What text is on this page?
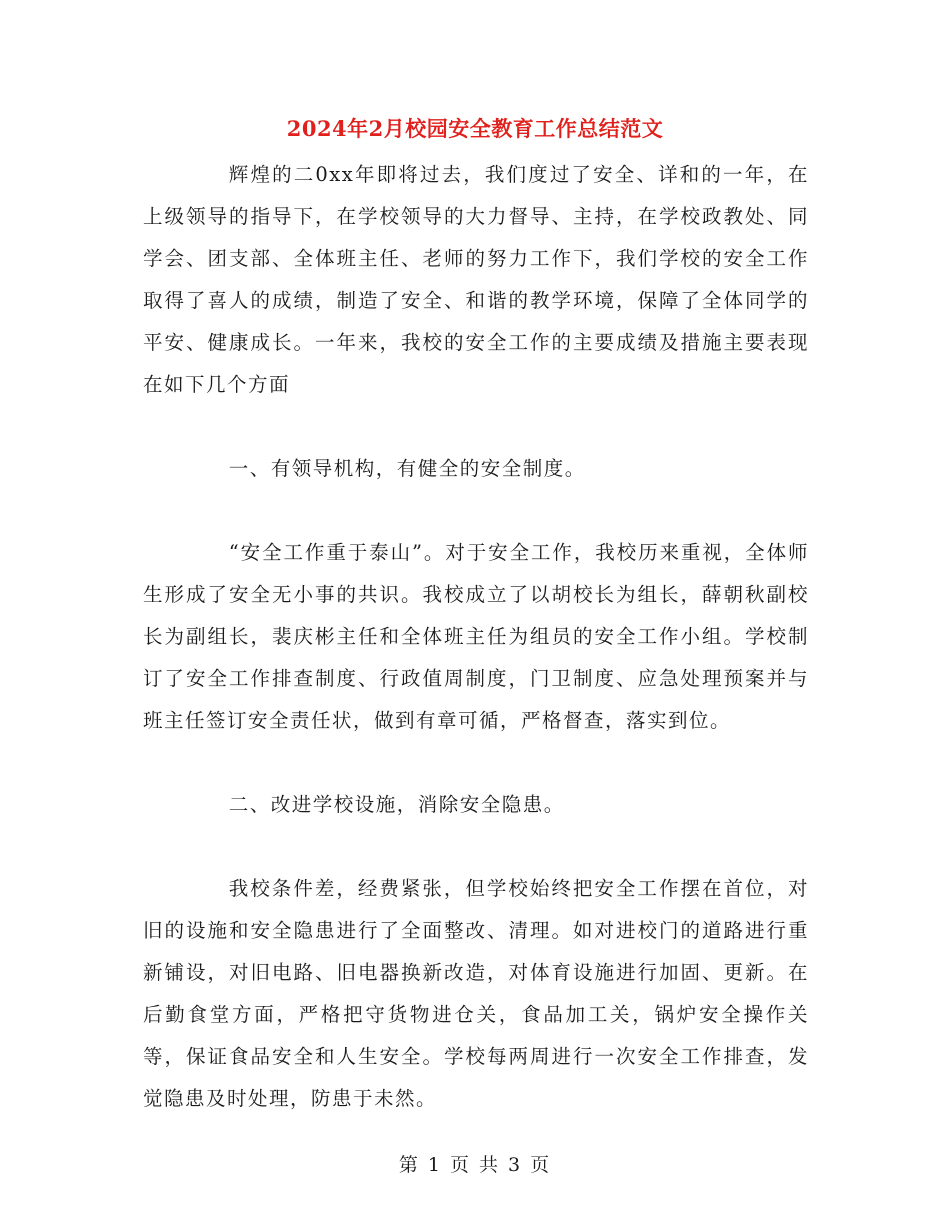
2024年2月校园安全教育工作总结范文

辉煌的二0xx年即将过去，我们度过了安全、详和的一年，在上级领导的指导下，在学校领导的大力督导、主持，在学校政教处、同学会、团支部、全体班主任、老师的努力工作下，我们学校的安全工作取得了喜人的成绩，制造了安全、和谐的教学环境，保障了全体同学的平安、健康成长。一年来，我校的安全工作的主要成绩及措施主要表现在如下几个方面

一、有领导机构，有健全的安全制度。

“安全工作重于泰山”。对于安全工作，我校历来重视，全体师生形成了安全无小事的共识。我校成立了以胡校长为组长，薛朝秋副校长为副组长，裴庆彬主任和全体班主任为组员的安全工作小组。学校制订了安全工作排查制度、行政值周制度，门卫制度、应急处理预案并与班主任签订安全责任状，做到有章可循，严格督查，落实到位。

二、改进学校设施，消除安全隐患。

我校条件差，经费紧张，但学校始终把安全工作摆在首位，对旧的设施和安全隐患进行了全面整改、清理。如对进校门的道路进行重新铺设，对旧电路、旧电器换新改造，对体育设施进行加固、更新。在后勤食堂方面，严格把守货物进仓关，食品加工关，锅炉安全操作关等，保证食品安全和人生安全。学校每两周进行一次安全工作排查，发觉隐患及时处理，防患于未然。

第 1 页 共 3 页
